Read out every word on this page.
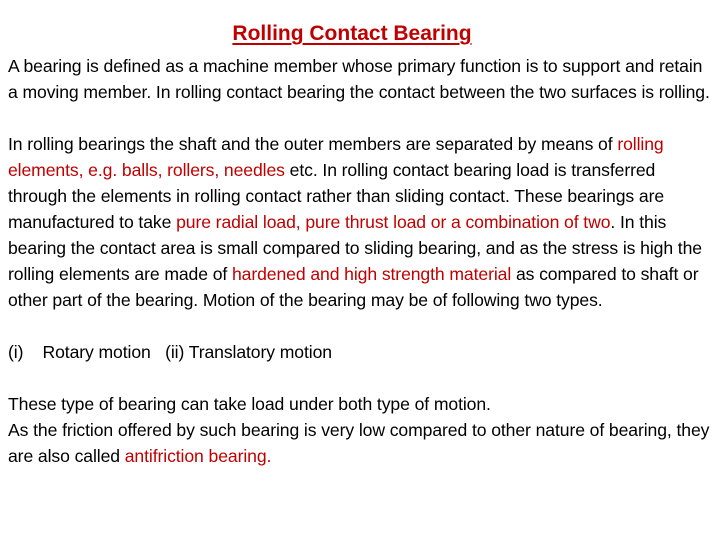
Rolling Contact Bearing

A bearing is defined as a machine member whose primary function is to support and retain a moving member. In rolling contact bearing the contact between the two surfaces is rolling.

In rolling bearings the shaft and the outer members are separated by means of rolling elements, e.g. balls, rollers, needles etc. In rolling contact bearing load is transferred through the elements in rolling contact rather than sliding contact. These bearings are manufactured to take pure radial load, pure thrust load or a combination of two. In this bearing the contact area is small compared to sliding bearing, and as the stress is high the rolling elements are made of hardened and high strength material as compared to shaft or other part of the bearing. Motion of the bearing may be of following two types.

(i) Rotary motion (ii) Translatory motion

These type of bearing can take load under both type of motion.

As the friction offered by such bearing is very low compared to other nature of bearing, they are also called antifriction bearing.
